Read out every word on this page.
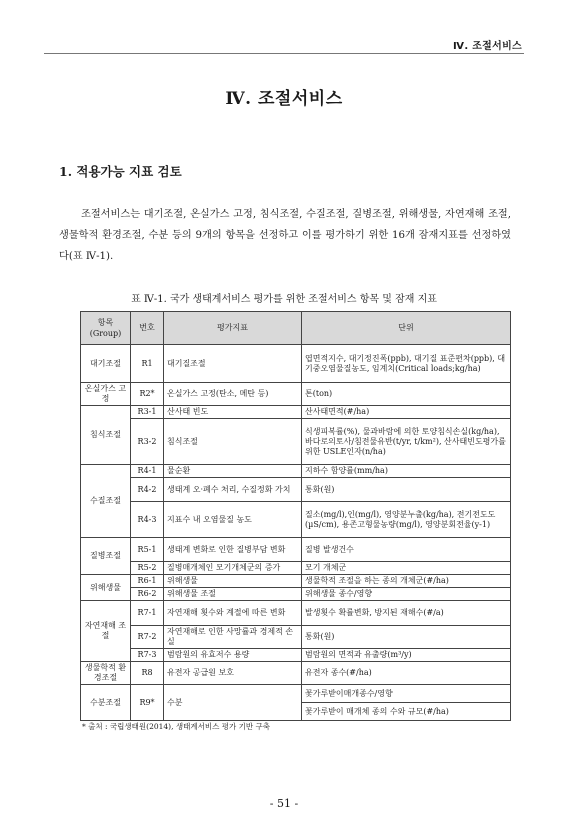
Ⅳ. 조절서비스
Ⅳ. 조절서비스
1. 적용가능 지표 검토
조절서비스는 대기조절, 온실가스 고정, 침식조절, 수질조절, 질병조절, 위해생물, 자연재해 조절, 생물학적 환경조절, 수분 등의 9개의 항목을 선정하고 이를 평가하기 위한 16개 잠재지표를 선정하였다(표 Ⅳ-1).
표 Ⅳ-1. 국가 생태계서비스 평가를 위한 조절서비스 항목 및 잠재 지표
항목
(Group)	번호	평가지표	단위
대기조절	R1	대기질조절	엽면적지수, 대기정진폭(ppb), 대기질 표준편차(ppb), 대기중오염물질농도, 임계치(Critical loads;kg/ha)
온실가스 고정	R2*	온실가스 고정(탄소, 메탄 등)	톤(ton)
침식조절	R3-1	산사태 빈도	산사태면적(#/ha)
	R3-2	침식조절	식생피복률(%), 물과바람에 의한 토양침식손실(kg/ha), 바다로의토사/침전물유반(t/yr, t/km²), 산사태빈도평가를위한 USLE인자(n/ha)
수질조절	R4-1	물순환	지하수 함양률(mm/ha)
	R4-2	생태계 오·폐수 처리, 수질정화 가치	통화(원)
	R4-3	지표수 내 오염물질 농도	질소(mg/l),인(mg/l), 영양분누출(kg/ha), 전기전도도(µS/cm), 용존고형물농량(mg/l), 영양분회전율(y-1)
질병조절	R5-1	생태계 변화로 인한 질병부담 변화	질병 발생건수
	R5-2	질병매개체인 모기개체군의 증가	모기 개체군
위해생물	R6-1	위해생물	생물학적 조절을 하는 종의 개체군(#/ha)
	R6-2	위해생물 조절	위해생물 종수/영향
자연재해 조절	R7-1	자연재해 횟수와 계절에 따른 변화	발생횟수 확률변화, 방지된 재해수(#/a)
	R7-2	자연재해로 인한 사망률과 경제적 손실	통화(원)
	R7-3	범람원의 유효저수 용량	범람원의 면적과 유출량(m³/y)
생물학적 환경조절	R8	유전자 공급원 보호	유전자 종수(#/ha)
수분조절	R9*	수분	꽃가루받이매개종수/영향
			꽃가루받이 매개체 종의 수와 규모(#/ha)
* 출처 : 국립생태원(2014), 생태계서비스 평가 기반 구축
- 51 -
